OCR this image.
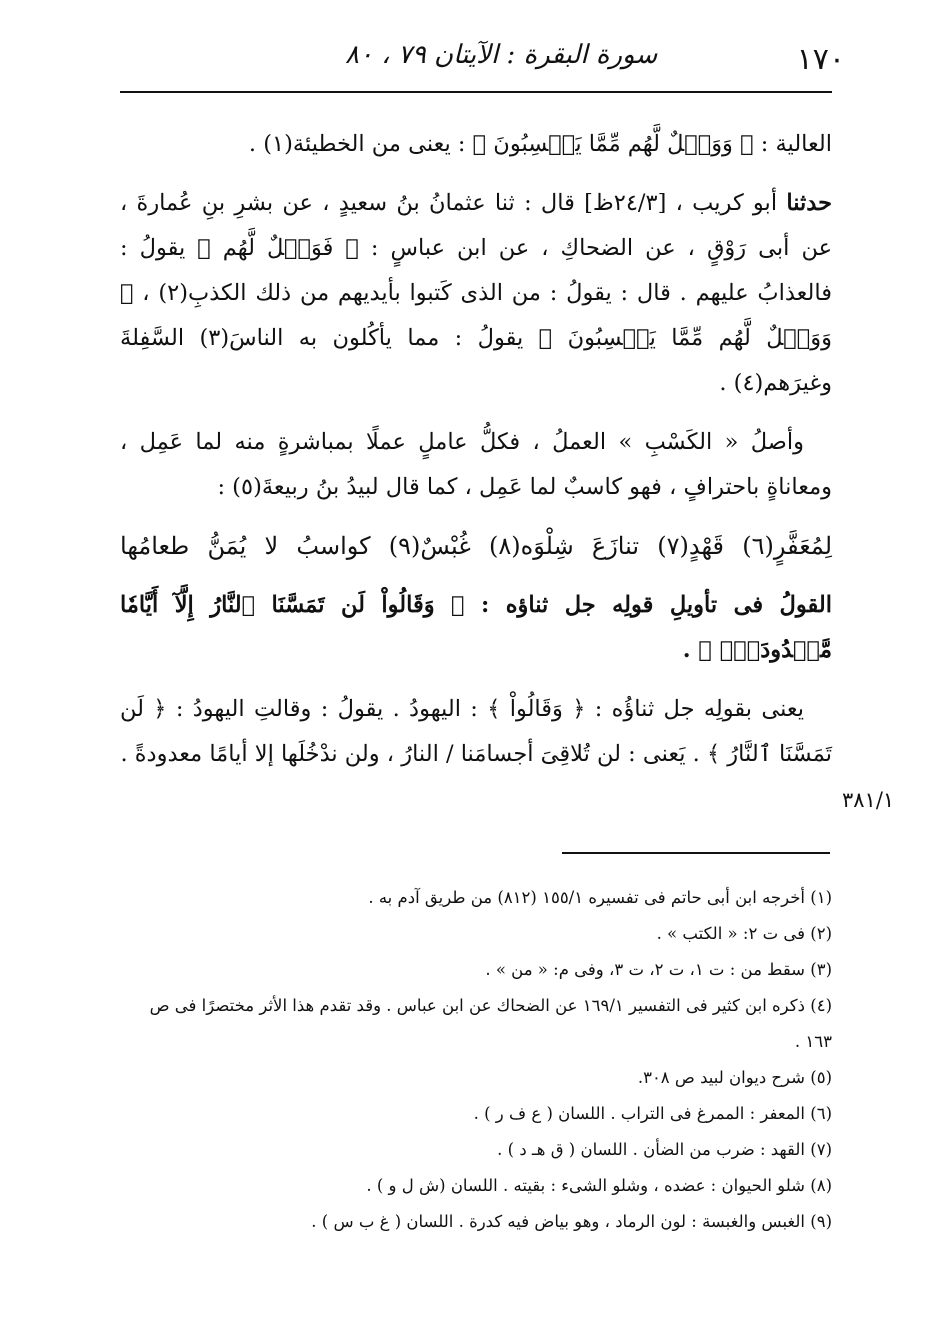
١٧٠
سورة البقرة : الآيتان ٧٩ ، ٨٠

العالية : ﴿ وَوَيۡلٌ لَّهُم مِّمَّا يَكۡسِبُونَ ﴾ : يعنى من الخطيئة(١) .

حدثنا أبو كريب ، [٢٤/٣ظ] قال : ثنا عثمانُ بنُ سعيدٍ ، عن بشرِ بنِ عُمارةَ ، عن أبى رَوْقٍ ، عن الضحاكِ ، عن ابن عباسٍ : ﴿ فَوَيۡلٌ لَّهُم ﴾ يقولُ : فالعذابُ عليهم . قال : يقولُ : من الذى كَتبوا بأيديهم من ذلك الكذبِ(٢) ، ﴿ وَوَيۡلٌ لَّهُم مِّمَّا يَكۡسِبُونَ ﴾ يقولُ : مما يأكُلون به الناسَ(٣) السَّفِلةَ وغيرَهم(٤) .

وأصلُ « الكَسْبِ » العملُ ، فكلُّ عاملٍ عملًا بمباشرةٍ منه لما عَمِل ، ومعاناةٍ باحترافٍ ، فهو كاسبٌ لما عَمِل ، كما قال لبيدُ بنُ ربيعةَ(٥) :

لِمُعَفَّرٍ(٦) قَهْدٍ(٧) تنازَعَ شِلْوَه(٨) غُبْسٌ(٩) كواسبُ لا يُمَنُّ طعامُها

القولُ فى تأويلِ قولِه جل ثناؤه : ﴿ وَقَالُواْ لَن تَمَسَّنَا ٱلنَّارُ إِلَّآ أَيَّامٗا مَّعۡدُودَةٗۚ ﴾ .

يعنى بقولِه جل ثناؤُه : ﴿ وَقَالُواْ ﴾ : اليهودُ . يقولُ : وقالتِ اليهودُ : ﴿ لَن تَمَسَّنَا ٱلنَّارُ ﴾ . يَعنى : لن تُلاقِىَ أجسامَنا / النارُ ، ولن ندْخُلَها إلا أيامًا معدودةً .

٣٨١/١

(١) أخرجه ابن أبى حاتم فى تفسيره ١٥٥/١ (٨١٢) من طريق آدم به .

(٢) فى ت ٢: « الكتب » .

(٣) سقط من : ت ١، ت ٢، ت ٣، وفى م: « من » .

(٤) ذكره ابن كثير فى التفسير ١٦٩/١ عن الضحاك عن ابن عباس . وقد تقدم هذا الأثر مختصرًا فى ص ١٦٣ .

(٥) شرح ديوان لبيد ص ٣٠٨.

(٦) المعفر : الممرغ فى التراب . اللسان ( ع ف ر ) .

(٧) القهد : ضرب من الضأن . اللسان ( ق هـ د ) .

(٨) شلو الحيوان : عضده ، وشلو الشىء : بقيته . اللسان (ش ل و ) .

(٩) الغبس والغبسة : لون الرماد ، وهو بياض فيه كدرة . اللسان ( غ ب س ) .
